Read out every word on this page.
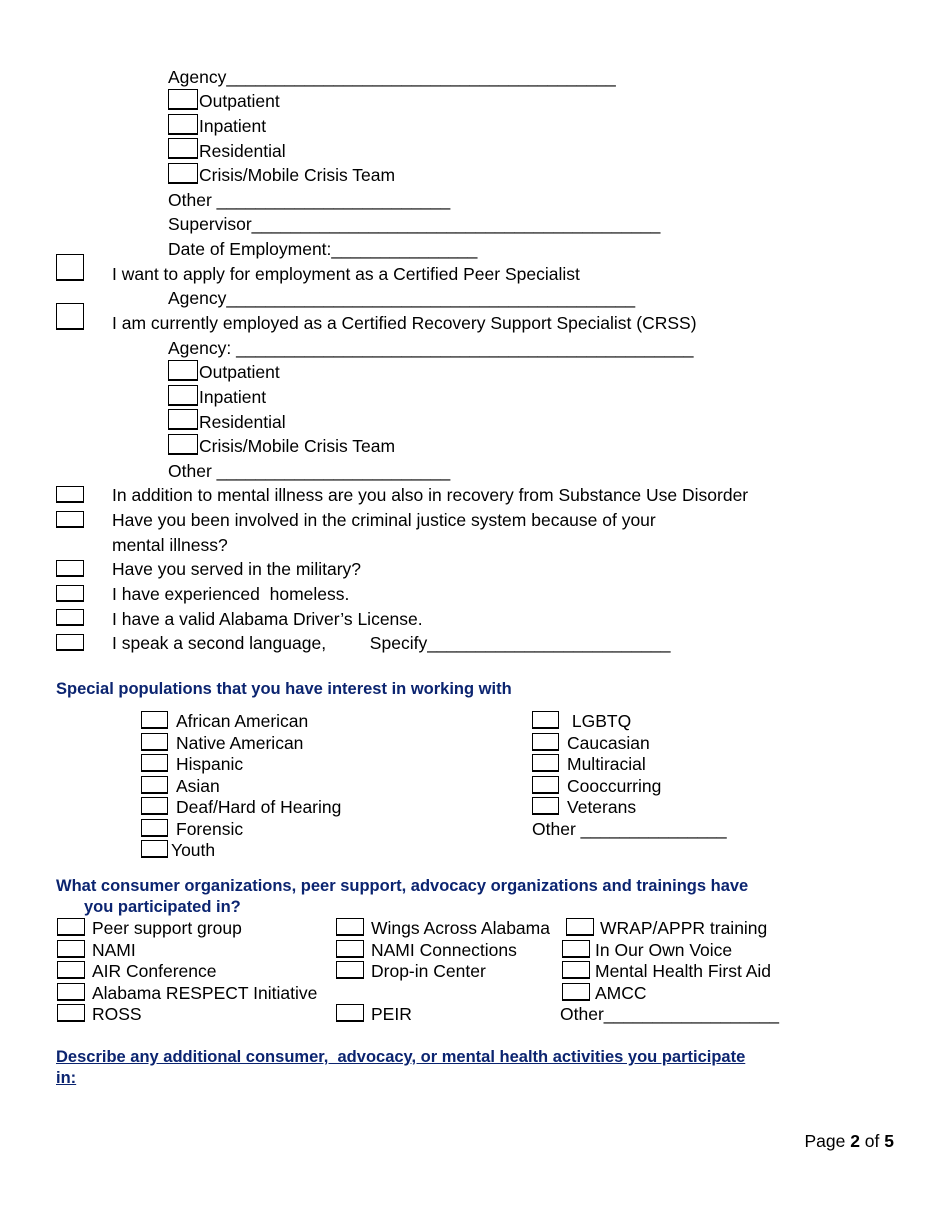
Agency________________________________________
Outpatient
Inpatient
Residential
Crisis/Mobile Crisis Team
Other ________________________
Supervisor__________________________________________
Date of Employment:_______________
I want to apply for employment as a Certified Peer Specialist
Agency__________________________________________
I am currently employed as a Certified Recovery Support Specialist (CRSS)
Agency: _______________________________________________
Outpatient
Inpatient
Residential
Crisis/Mobile Crisis Team
Other ________________________
In addition to mental illness are you also in recovery from Substance Use Disorder
Have you been involved in the criminal justice system because of your
mental illness?
Have you served in the military?
I have experienced  homeless.
I have a valid Alabama Driver’s License.
I speak a second language,         Specify_________________________
Special populations that you have interest in working with
African American
Native American
Hispanic
Asian
Deaf/Hard of Hearing
Forensic
Youth
LGBTQ
Caucasian
Multiracial
Cooccurring
Veterans
Other _______________
What consumer organizations, peer support, advocacy organizations and trainings have
you participated in?
Peer support group
NAMI
AIR Conference
Alabama RESPECT Initiative
ROSS
Wings Across Alabama
NAMI Connections
Drop-in Center
PEIR
WRAP/APPR training
In Our Own Voice
Mental Health First Aid
AMCC
Other__________________
Describe any additional consumer,  advocacy, or mental health activities you participate
in:
Page 2 of 5
